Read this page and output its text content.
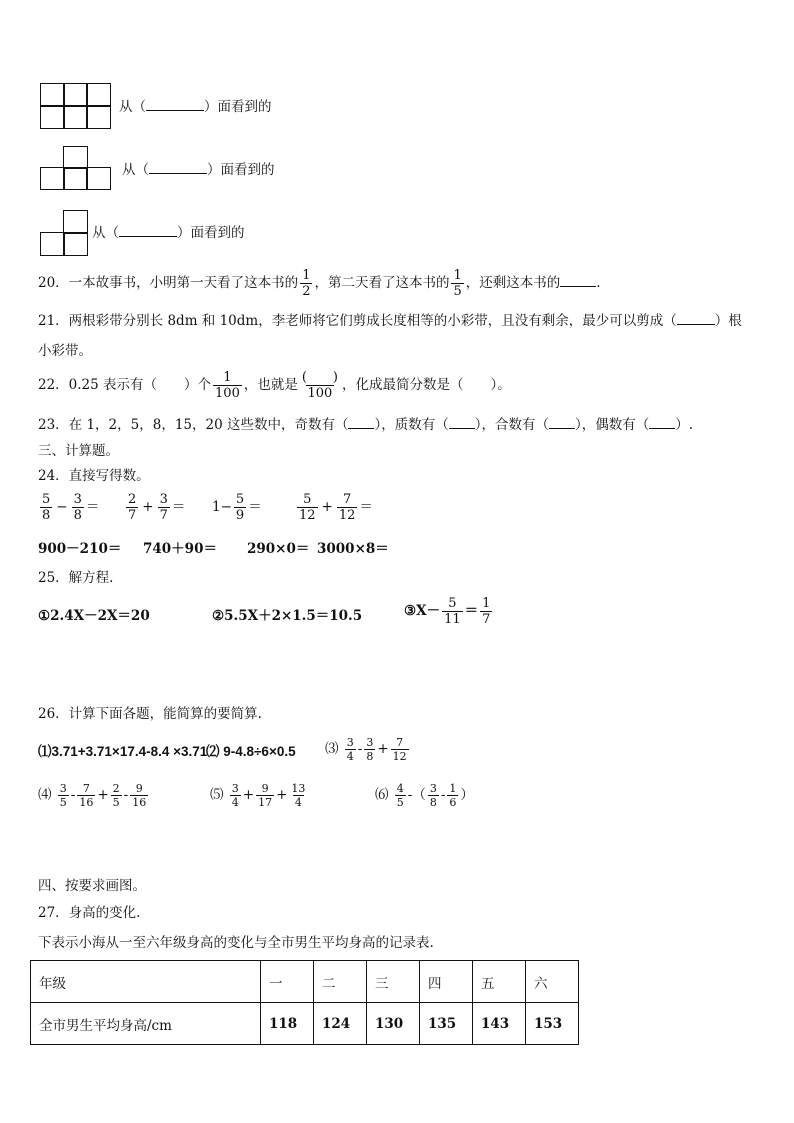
从（	）面看到的
从（	）面看到的
从（	）面看到的
20．一本故事书，小明第一天看了这本书的 $\frac{1}{2}$ ，第二天看了这本书的 $\frac{1}{5}$ ，还剩这本书的	.
21．两根彩带分别长 8dm 和 10dm，李老师将它们剪成长度相等的小彩带，且没有剩余，最少可以剪成（	）根
小彩带。
22．0.25 表示有（　　）个 $\frac{1}{100}$ ，也就是 $\frac{( )}{100}$ ，化成最简分数是（　　）。
23．在 1，2，5，8，15，20 这些数中，奇数有（ ），质数有（ ），合数有（ ），偶数有（ ）.
三、计算题。
24．直接写得数。
$\frac{5}{8} - \frac{3}{8} = \frac{2}{7} + \frac{3}{7} = 1- \frac{5}{9}$ ＝	$\frac{5}{12} + \frac{7}{12}$ ＝
900－210＝ 740＋90＝ 290×0＝ 3000×8＝
25．解方程.
①2.4X－2X＝20	②5.5X＋2×1.5＝10.5	③X－ $\frac{5}{11} = \frac{1}{7}$
26．计算下面各题，能简算的要简算.
⑴3.71+3.71×17.4-8.4 ×3.71
⑵ 9-4.8÷6×0.5 ⑶ $\frac{3}{4} - \frac{3}{8} + \frac{7}{12}$
⑷ $\frac{3}{5} - \frac{7}{16} + \frac{2}{5} - \frac{9}{16}$	⑸ $\frac{3}{4} + \frac{9}{17} + \frac{13}{4}$	⑹ $\frac{4}{5}$ -（ $\frac{3}{8} - \frac{1}{6}$ ）
四、按要求画图。
27．身高的变化.
下表示小海从一至六年级身高的变化与全市男生平均身高的记录表.
年级	一	二	三	四	五	六
全市男生平均身高/cm	118	124	130	135	143	153
